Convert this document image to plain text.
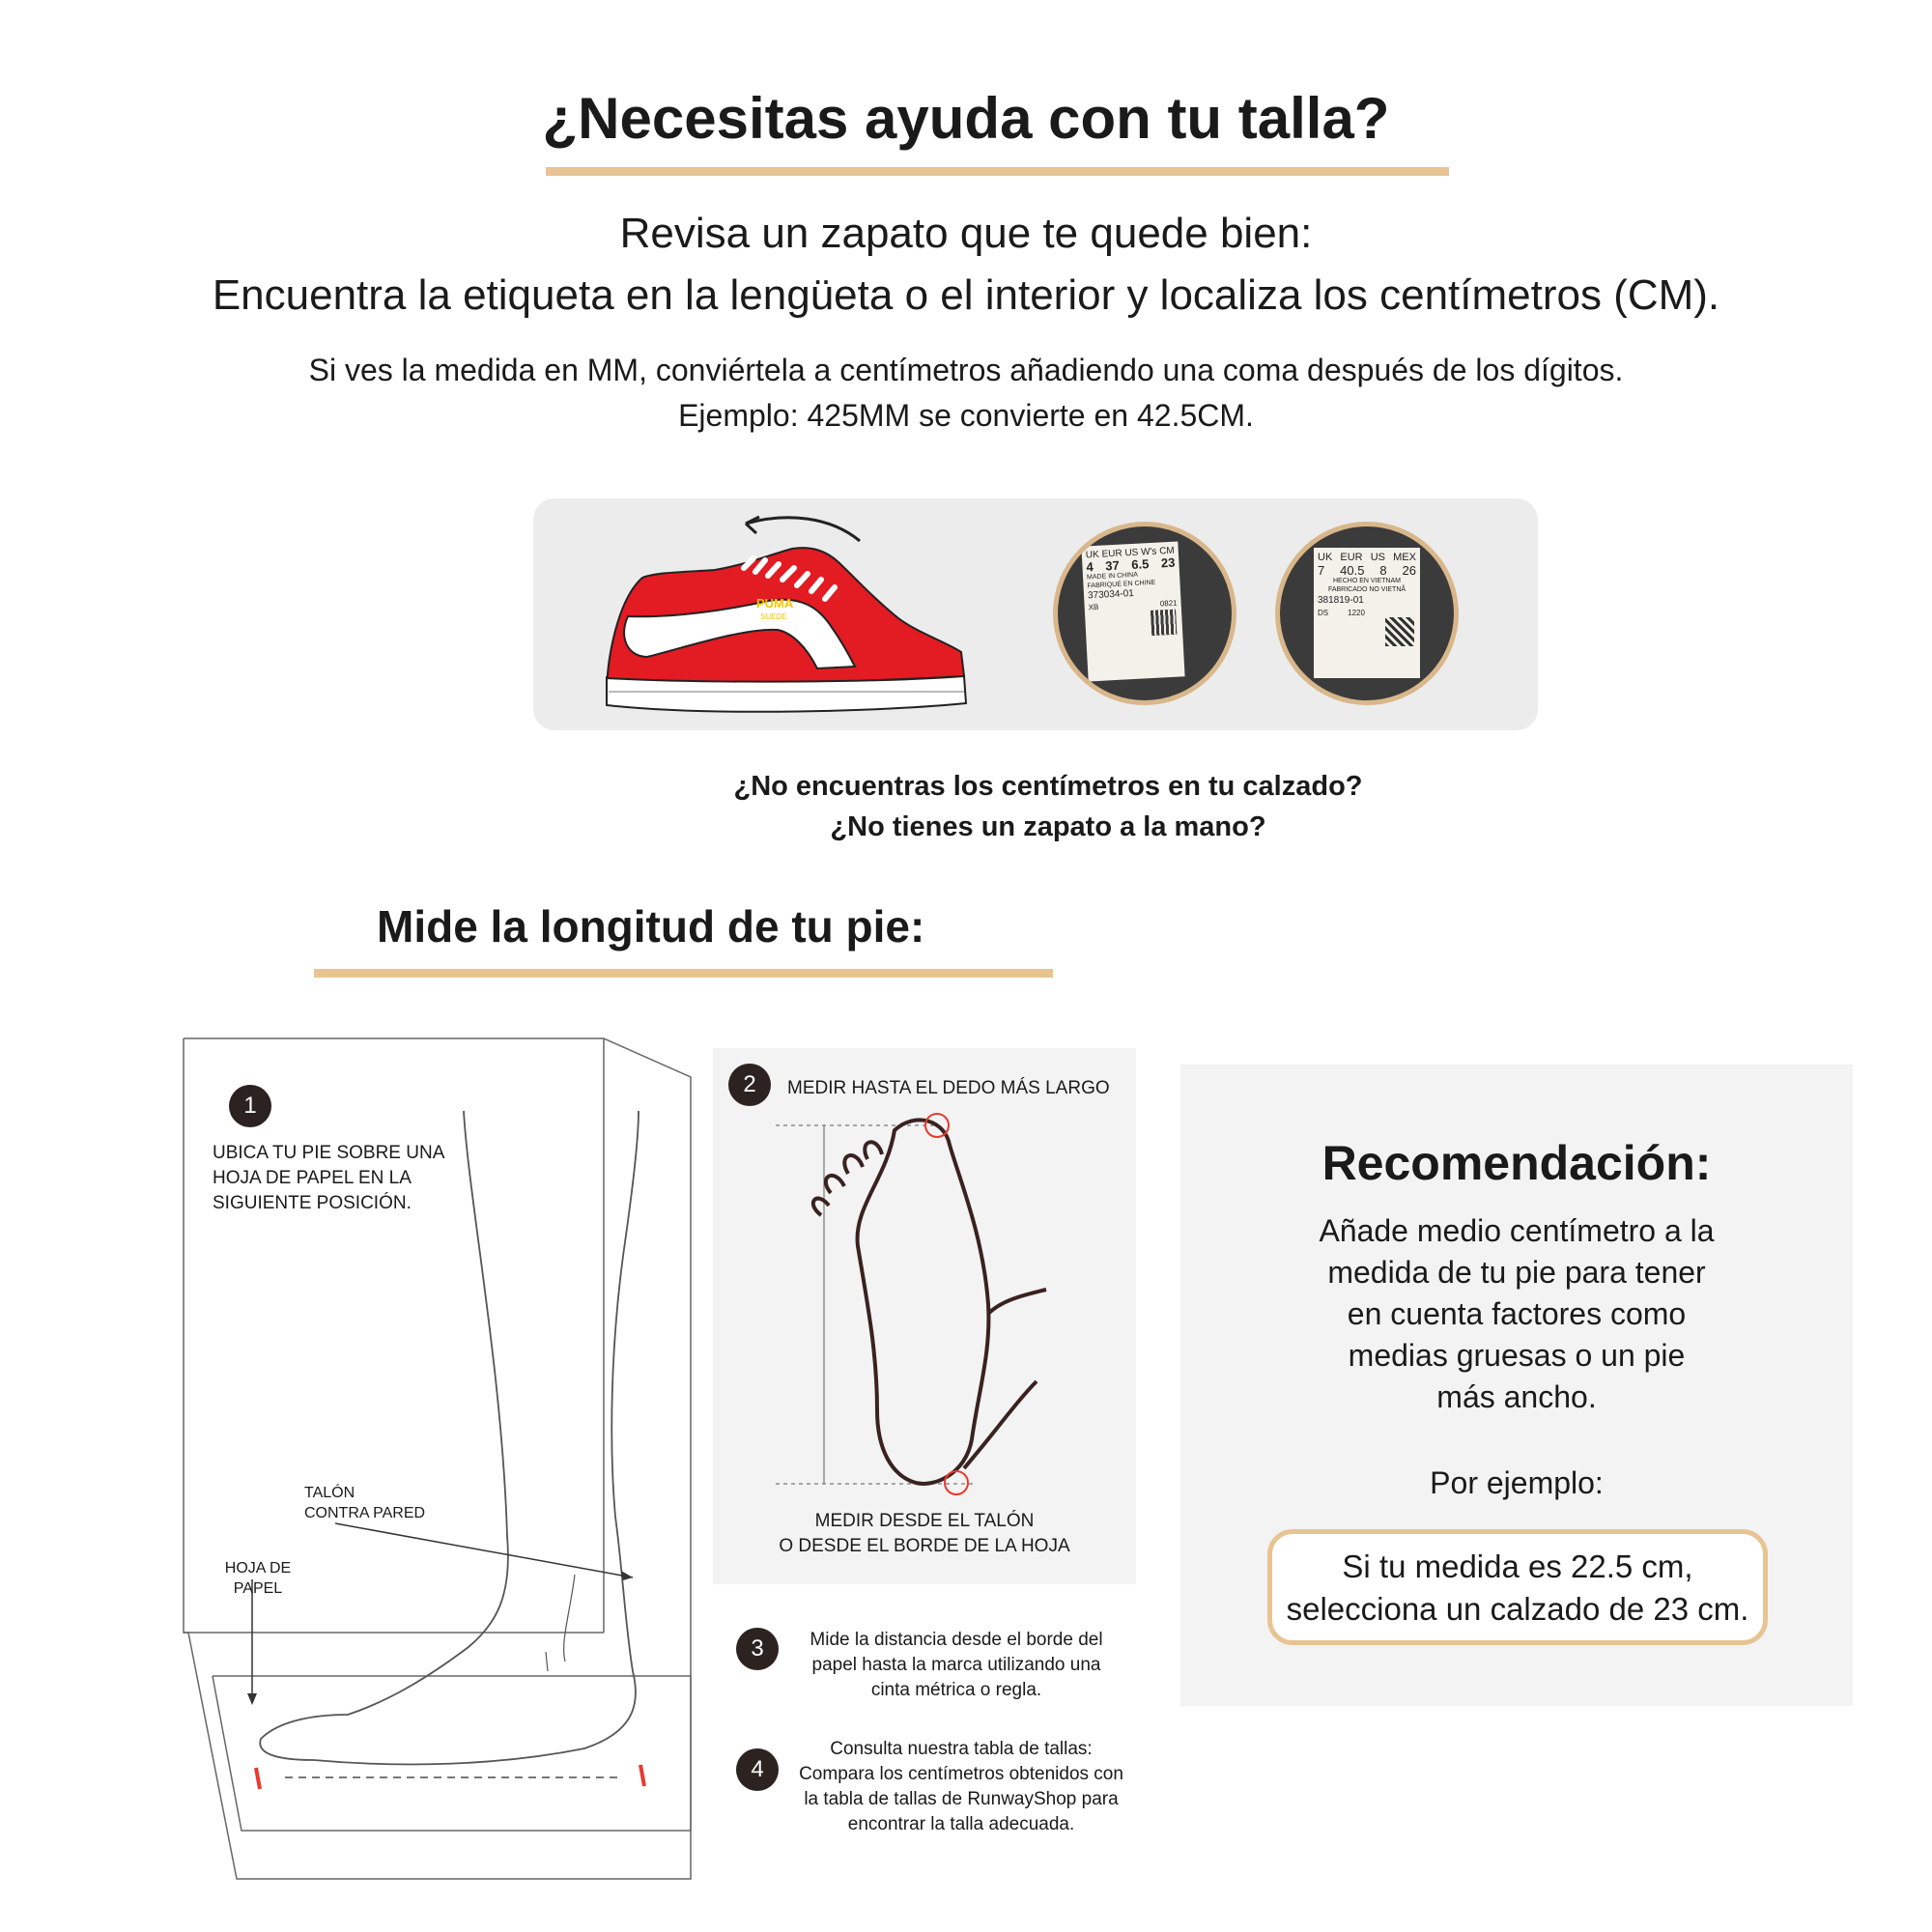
¿Necesitas ayuda con tu talla?
Revisa un zapato que te quede bien:
Encuentra la etiqueta en la lengüeta o el interior y localiza los centímetros (CM).
Si ves la medida en MM, conviértela a centímetros añadiendo una coma después de los dígitos.
Ejemplo: 425MM se convierte en 42.5CM.
PUMA
SUEDE
UK EUR US W's CM
4 37 6.5 23
MADE IN CHINA
FABRIQUÉ EN CHINE
373034-01
XB	0821
UK EUR US MEX
7 40.5 8 26
HECHO EN VIETNAM
FABRICADO NO VIETNÃ
381819-01
DS	1220
¿No encuentras los centímetros en tu calzado?
¿No tienes un zapato a la mano?
Mide la longitud de tu pie:
1
UBICA TU PIE SOBRE UNA HOJA DE PAPEL EN LA SIGUIENTE POSICIÓN.
TALÓN
CONTRA PARED
HOJA DE
PAPEL
2	MEDIR HASTA EL DEDO MÁS LARGO
MEDIR DESDE EL TALÓN
O DESDE EL BORDE DE LA HOJA
3	Mide la distancia desde el borde del papel hasta la marca utilizando una cinta métrica o regla.
4
Consulta nuestra tabla de tallas: Compara los centímetros obtenidos con la tabla de tallas de RunwayShop para encontrar la talla adecuada.
Recomendación:
Añade medio centímetro a la
medida de tu pie para tener
en cuenta factores como
medias gruesas o un pie
más ancho.
Por ejemplo:
Si tu medida es 22.5 cm,
selecciona un calzado de 23 cm.
